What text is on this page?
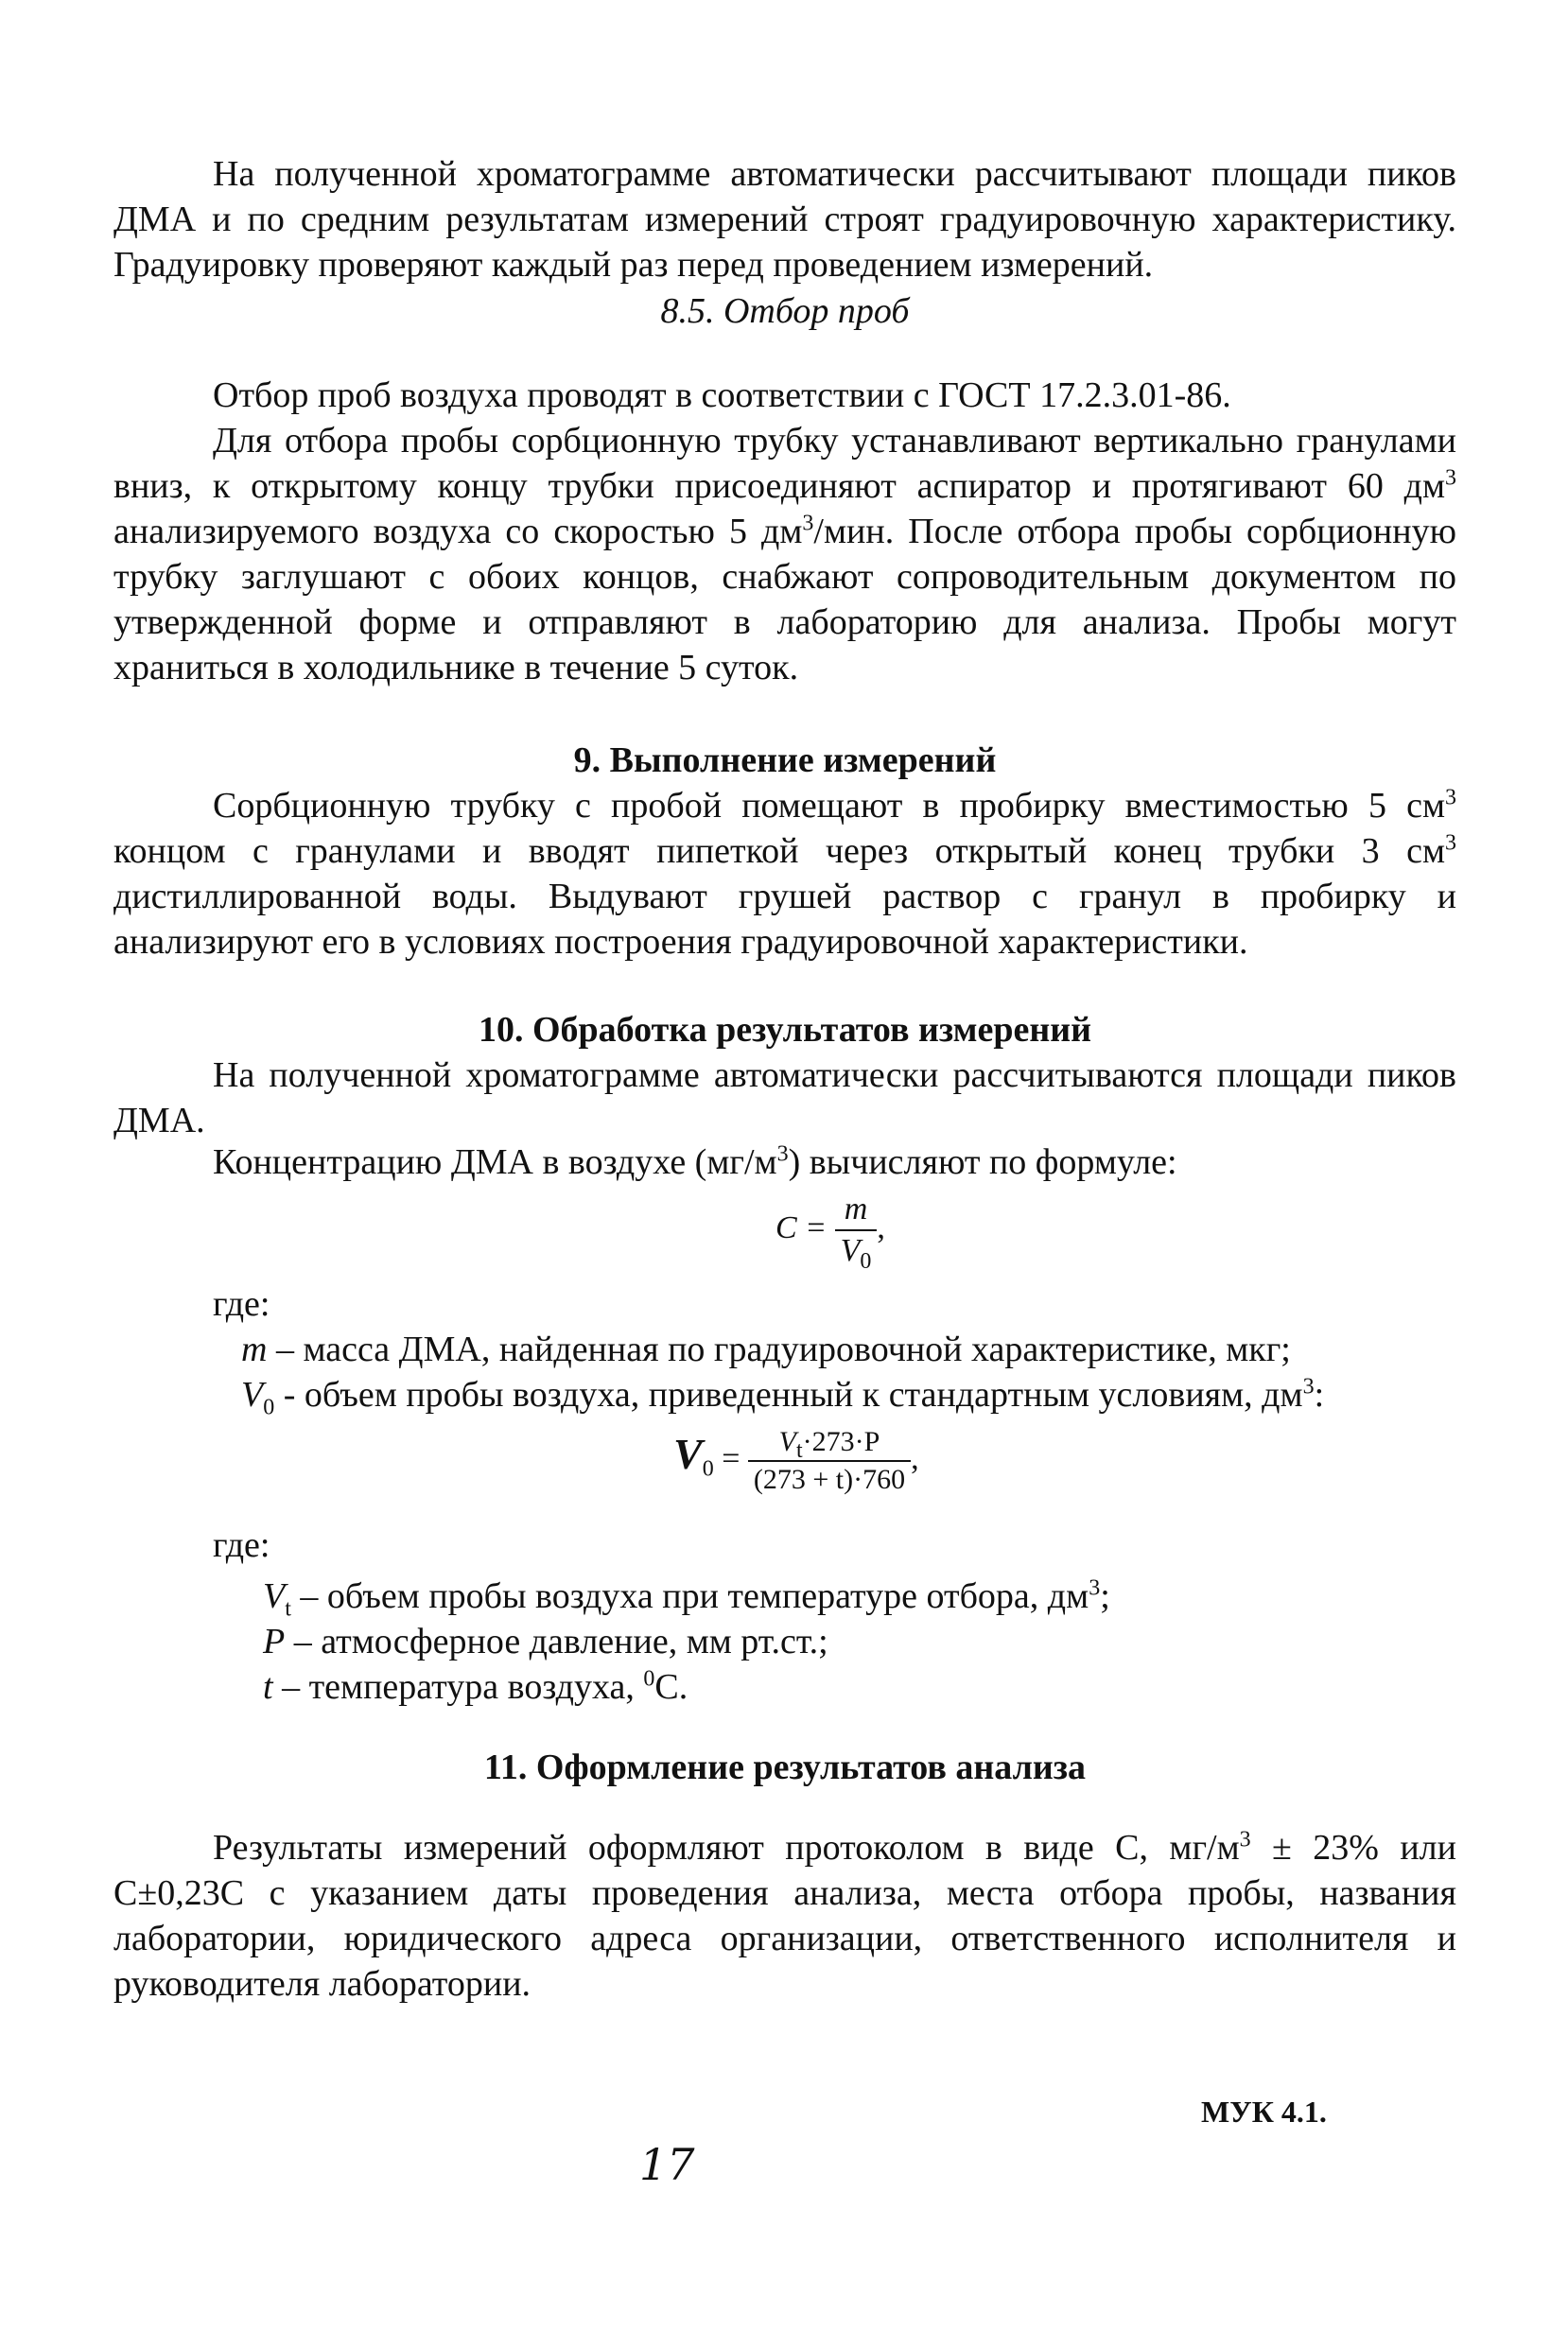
На полученной хроматограмме автоматически рассчитывают площади пиков ДМА и по средним результатам измерений строят градуировочную характеристику. Градуировку проверяют каждый раз перед проведением измерений.
8.5. Отбор проб
Отбор проб воздуха проводят в соответствии с ГОСТ 17.2.3.01-86.
Для отбора пробы сорбционную трубку устанавливают вертикально гранулами вниз, к открытому концу трубки присоединяют аспиратор и протягивают 60 $дм^3$ анализируемого воздуха со скоростью 5 $дм^3$/мин. После отбора пробы сорбционную трубку заглушают с обоих концов, снабжают сопроводительным документом по утвержденной форме и отправляют в лабораторию для анализа. Пробы могут храниться в холодильнике в течение 5 суток.
9. Выполнение измерений
Сорбционную трубку с пробой помещают в пробирку вместимостью 5 $см^3$ концом с гранулами и вводят пипеткой через открытый конец трубки 3 $см^3$ дистиллированной воды. Выдувают грушей раствор с гранул в пробирку и анализируют его в условиях построения градуировочной характеристики.
10. Обработка результатов измерений
На полученной хроматограмме автоматически рассчитываются площади пиков ДМА.
Концентрацию ДМА в воздухе $(мг/м^3)$ вычисляют по формуле:
$C = \frac{m}{V_0}$ ,
где:
m – масса ДМА, найденная по градуировочной характеристике, мкг;
$V_0$ - объем пробы воздуха, приведенный к стандартным условиям, $дм^3$:
$V_0 = \frac{V_t\cdot 273\cdot P}{(273 + t)\cdot 760}$ ,
где:
$V_t$ – объем пробы воздуха при температуре отбора, $дм^3$;
P – атмосферное давление, мм рт.ст.;
t – температура воздуха, $^0$C.
11. Оформление результатов анализа
Результаты измерений оформляют протоколом в виде С, $мг/м^3 \pm 23\%$ или С±0,23С с указанием даты проведения анализа, места отбора пробы, названия лаборатории, юридического адреса организации, ответственного исполнителя и руководителя лаборатории.
МУК 4.1.
17
